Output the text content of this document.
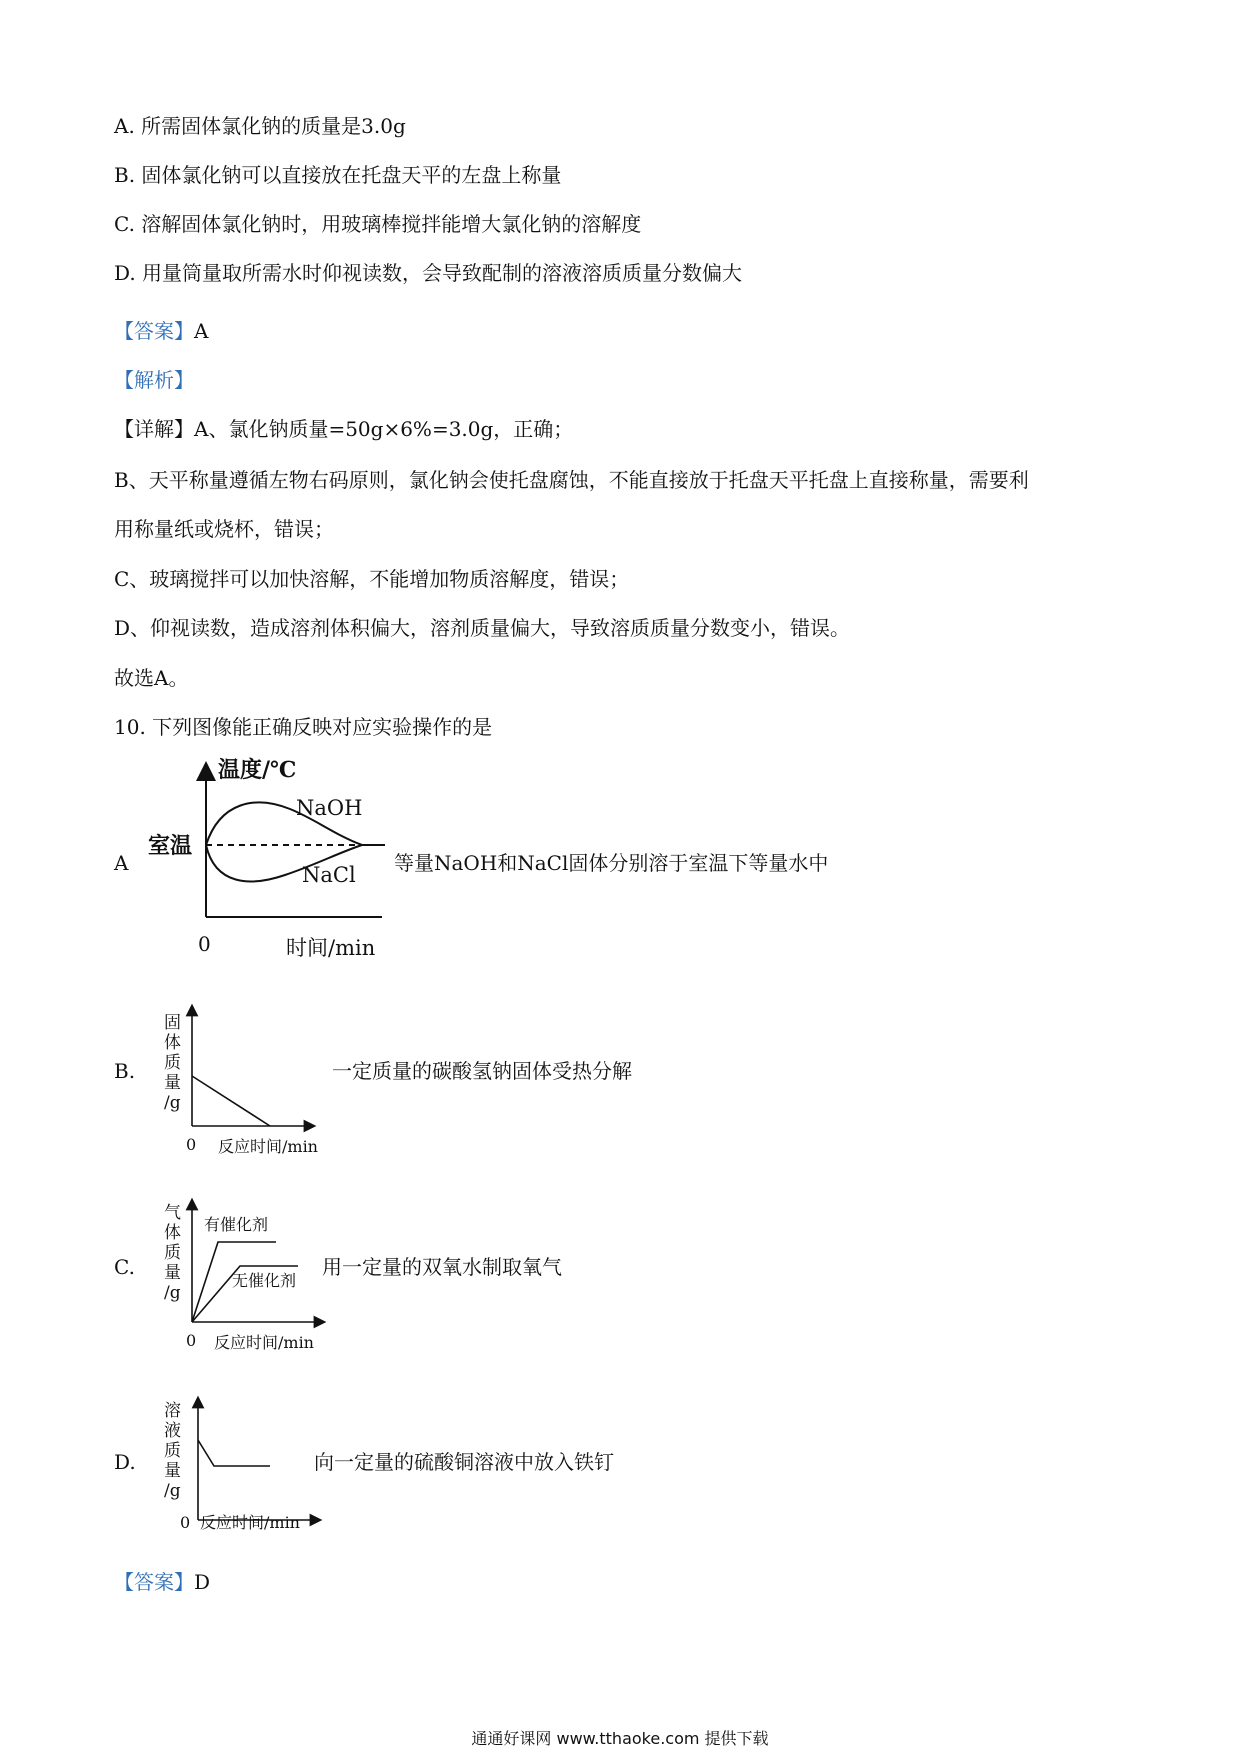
A. 所需固体氯化钠的质量是3.0g
B. 固体氯化钠可以直接放在托盘天平的左盘上称量
C. 溶解固体氯化钠时，用玻璃棒搅拌能增大氯化钠的溶解度
D. 用量筒量取所需水时仰视读数，会导致配制的溶液溶质质量分数偏大
【答案】A
【解析】
【详解】A、氯化钠质量=50g×6%=3.0g，正确；
B、天平称量遵循左物右码原则，氯化钠会使托盘腐蚀，不能直接放于托盘天平托盘上直接称量，需要利
用称量纸或烧杯，错误；
C、玻璃搅拌可以加快溶解，不能增加物质溶解度，错误；
D、仰视读数，造成溶剂体积偏大，溶剂质量偏大，导致溶质质量分数变小，错误。
故选A。
10. 下列图像能正确反映对应实验操作的是
A
温度/℃
室温
NaOH
NaCl
0	时间/min
等量NaOH和NaCl固体分别溶于室温下等量水中
B.
固
体
质
量
/g
0 反应时间/min
一定质量的碳酸氢钠固体受热分解
C.
气
体
质
量
/g
有催化剂
无催化剂
0 反应时间/min
用一定量的双氧水制取氧气
D.
溶
液
质
量
/g
0 反应时间/min
向一定量的硫酸铜溶液中放入铁钉
【答案】D
通通好课网 www.tthaoke.com 提供下载
